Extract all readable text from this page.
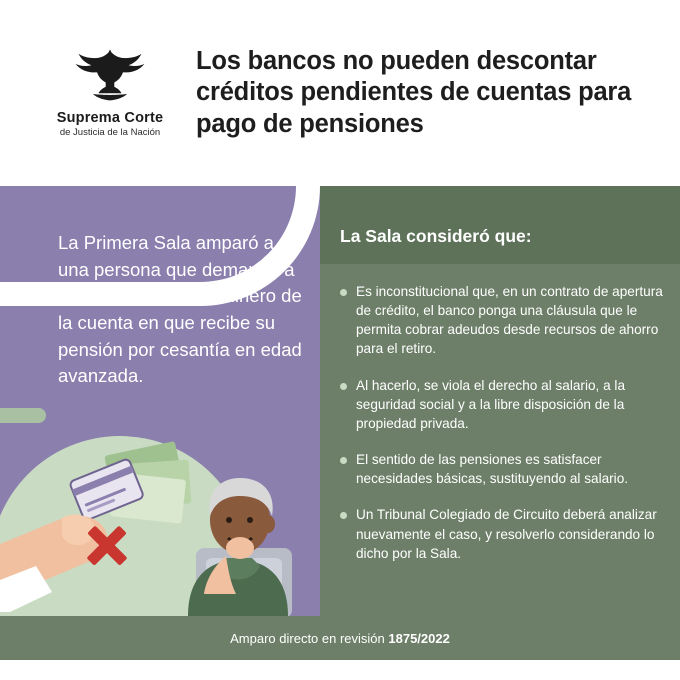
Suprema Corte
de Justicia de la Nación
Los bancos no pueden descontar créditos pendientes de cuentas para pago de pensiones
La Primera Sala amparó a una persona que demandó a un banco por retirar dinero de la cuenta en que recibe su pensión por cesantía en edad avanzada.
La Sala consideró que:
Es inconstitucional que, en un contrato de apertura de crédito, el banco ponga una cláusula que le permita cobrar adeudos desde recursos de ahorro para el retiro.
Al hacerlo, se viola el derecho al salario, a la seguridad social y a la libre disposición de la propiedad privada.
El sentido de las pensiones es satisfacer necesidades básicas, sustituyendo al salario.
Un Tribunal Colegiado de Circuito deberá analizar nuevamente el caso, y resolverlo considerando lo dicho por la Sala.
Amparo directo en revisión 1875/2022
